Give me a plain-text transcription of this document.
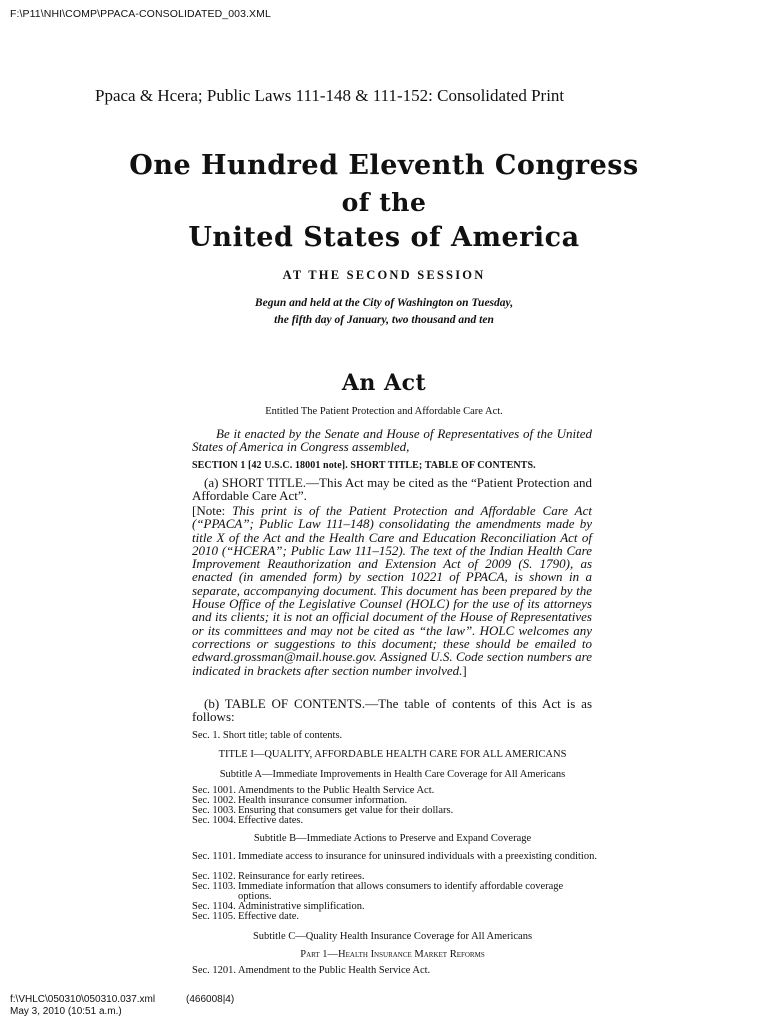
F:\P11\NHI\COMP\PPACA-CONSOLIDATED_003.XML
Ppaca & Hcera; Public Laws 111-148 & 111-152: Consolidated Print
One Hundred Eleventh Congress
of the
United States of America
AT THE SECOND SESSION
Begun and held at the City of Washington on Tuesday,
the fifth day of January, two thousand and ten
An Act
Entitled The Patient Protection and Affordable Care Act.
Be it enacted by the Senate and House of Representatives of the United States of America in Congress assembled,
SECTION 1 [42 U.S.C. 18001 note]. SHORT TITLE; TABLE OF CONTENTS.
(a) SHORT TITLE.—This Act may be cited as the “Patient Protection and Affordable Care Act”.
[Note: This print is of the Patient Protection and Affordable Care Act (“PPACA”; Public Law 111–148) consolidating the amendments made by title X of the Act and the Health Care and Education Reconciliation Act of 2010 (“HCERA”; Public Law 111–152). The text of the Indian Health Care Improvement Reauthorization and Extension Act of 2009 (S. 1790), as enacted (in amended form) by section 10221 of PPACA, is shown in a separate, accompanying document. This document has been prepared by the House Office of the Legislative Counsel (HOLC) for the use of its attorneys and its clients; it is not an official document of the House of Representatives or its committees and may not be cited as “the law”. HOLC welcomes any corrections or suggestions to this document; these should be emailed to edward.grossman@mail.house.gov. Assigned U.S. Code section numbers are indicated in brackets after section number involved.]
(b) TABLE OF CONTENTS.—The table of contents of this Act is as follows:
Sec. 1. Short title; table of contents.
TITLE I—QUALITY, AFFORDABLE HEALTH CARE FOR ALL AMERICANS
Subtitle A—Immediate Improvements in Health Care Coverage for All Americans
Sec. 1001. Amendments to the Public Health Service Act.
Sec. 1002. Health insurance consumer information.
Sec. 1003. Ensuring that consumers get value for their dollars.
Sec. 1004. Effective dates.
Subtitle B—Immediate Actions to Preserve and Expand Coverage
Sec. 1101. Immediate access to insurance for uninsured individuals with a preexisting condition.
Sec. 1102. Reinsurance for early retirees.
Sec. 1103. Immediate information that allows consumers to identify affordable coverage options.
Sec. 1104. Administrative simplification.
Sec. 1105. Effective date.
Subtitle C—Quality Health Insurance Coverage for All Americans
Part 1—Health Insurance Market Reforms
Sec. 1201. Amendment to the Public Health Service Act.
f:\VHLC\050310\050310.037.xml	(466008|4)
May 3, 2010 (10:51 a.m.)
